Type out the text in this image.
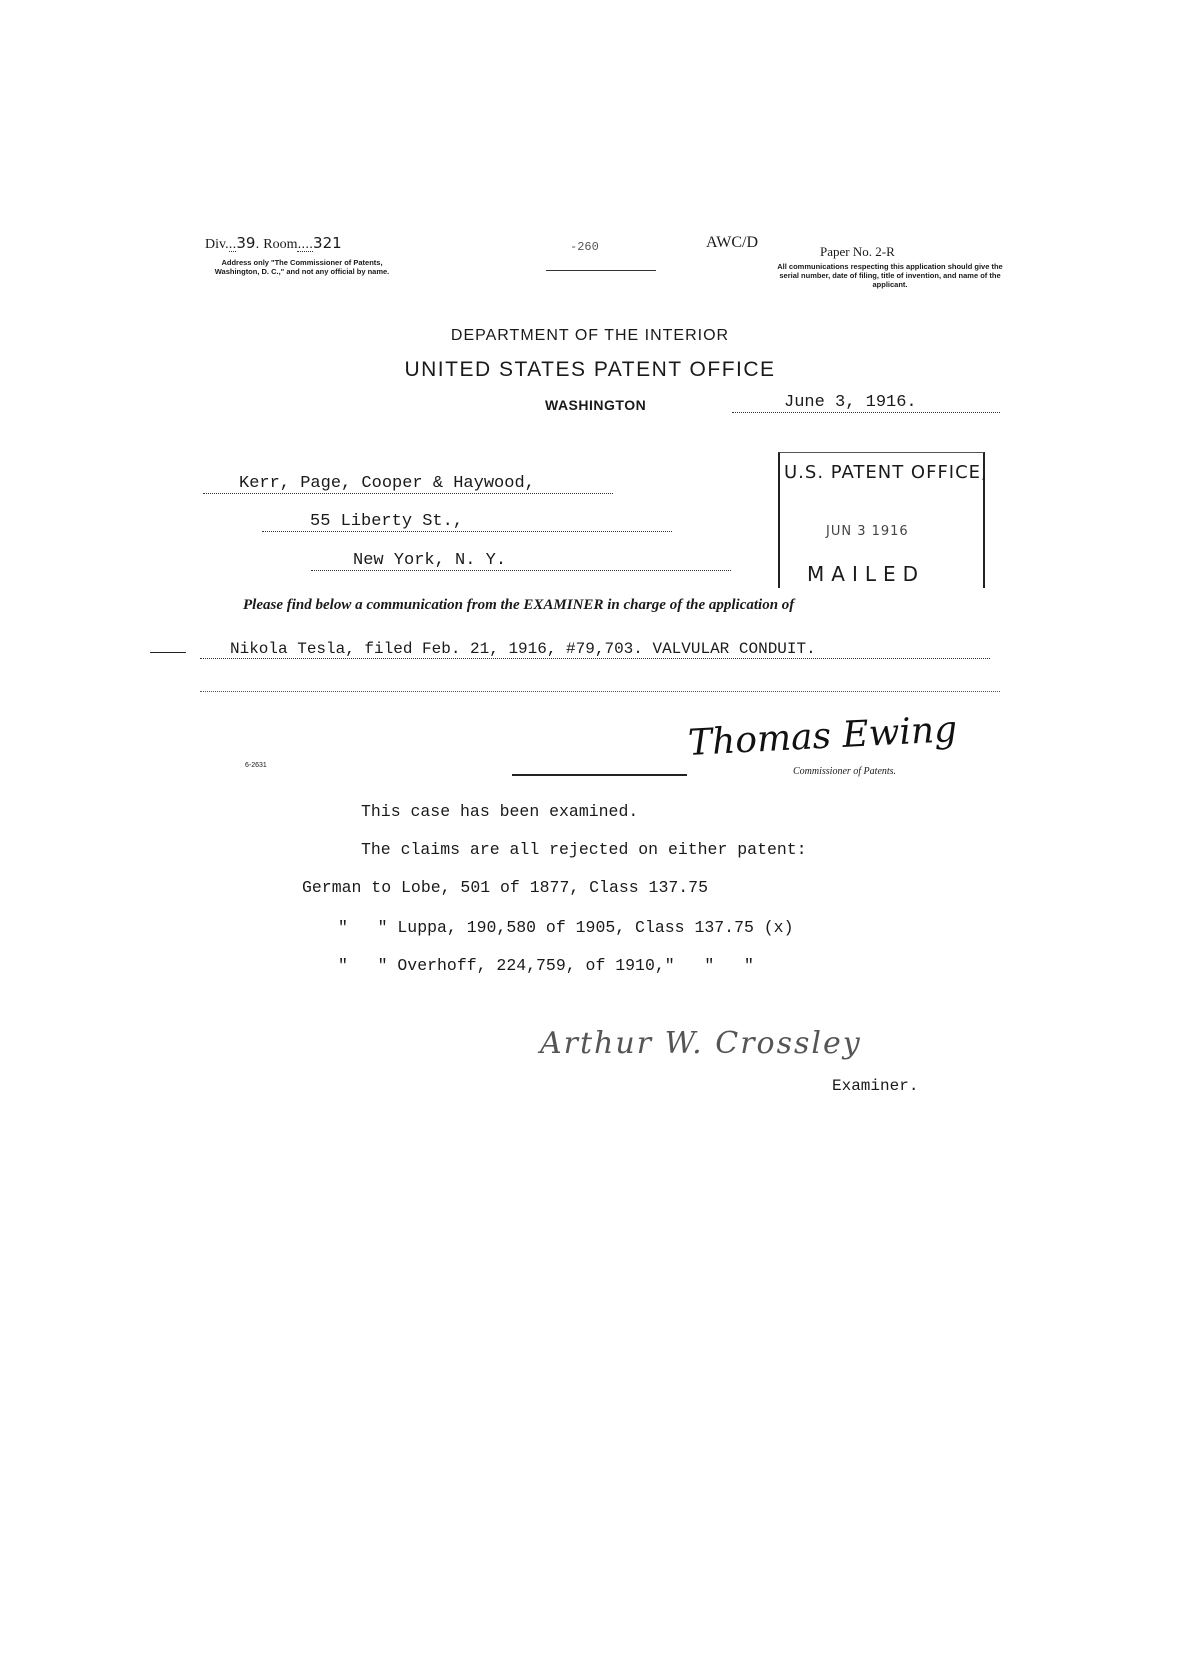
Div...39. Room....321
Address only "The Commissioner of Patents, Washington, D. C.," and not any official by name.
-260	AWC/D
Paper No. 2-R
All communications respecting this application should give the serial number, date of filing, title of invention, and name of the applicant.
DEPARTMENT OF THE INTERIOR
UNITED STATES PATENT OFFICE
WASHINGTON	June 3, 1916.
Kerr, Page, Cooper & Haywood,
55 Liberty St.,
New York, N. Y.
U.S. PATENT OFFICE,
JUN 3 1916
MAILED
Please find below a communication from the EXAMINER in charge of the application of
Nikola Tesla, filed Feb. 21, 1916, #79,703. VALVULAR CONDUIT.
Thomas Ewing
Commissioner of Patents.
6-2631
This case has been examined.
The claims are all rejected on either patent:
German to Lobe, 501 of 1877, Class 137.75
"   " Luppa, 190,580 of 1905, Class 137.75 (x)
"   " Overhoff, 224,759, of 1910,"   "   "
Arthur W. Crossley
Examiner.
